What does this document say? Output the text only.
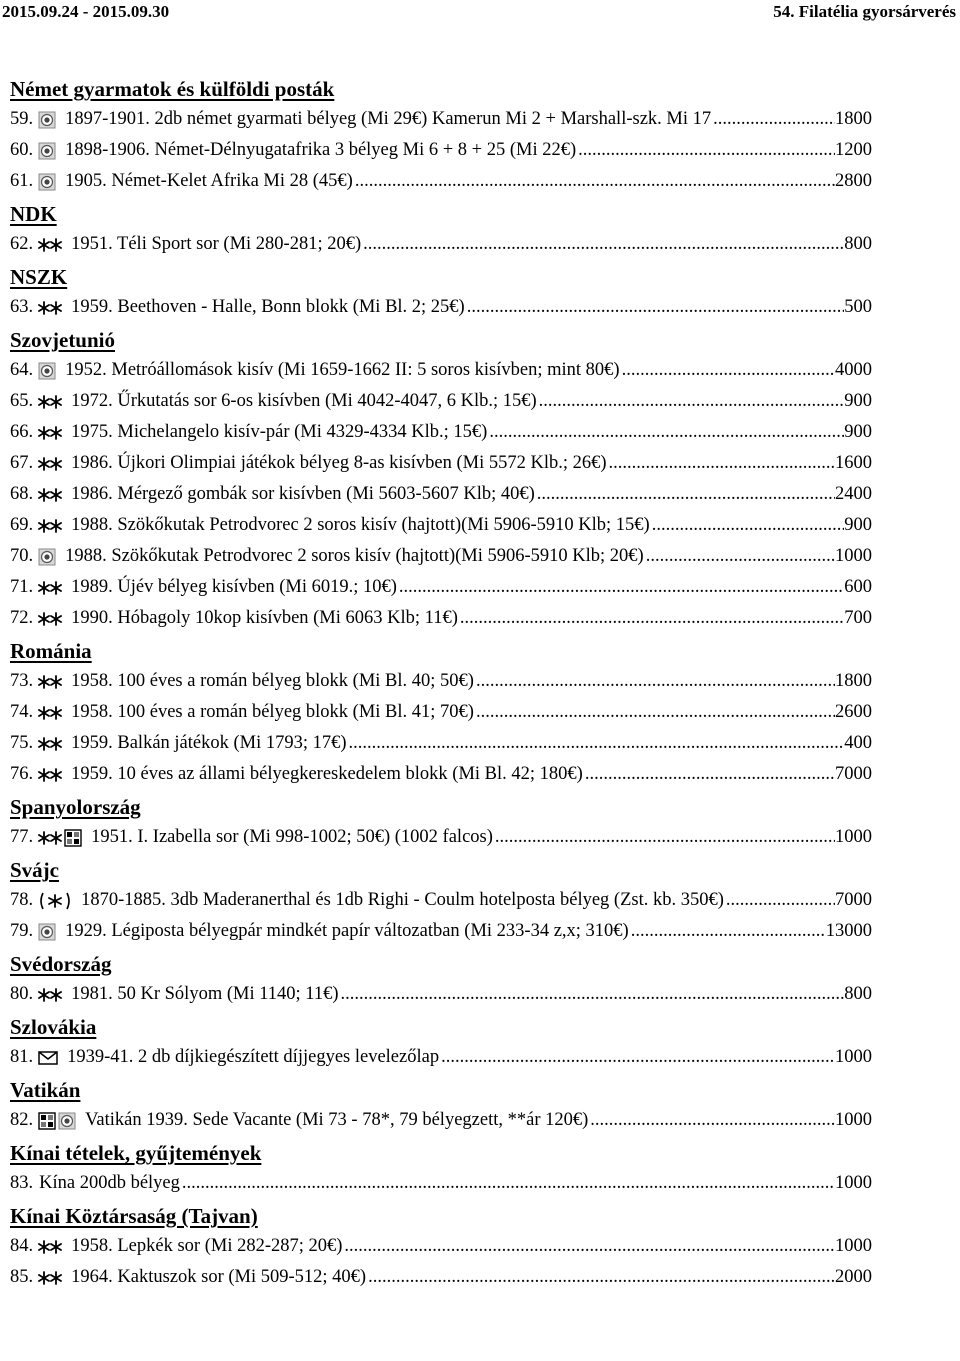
2015.09.24 - 2015.09.30	54. Filatélia gyorsárverés
Német gyarmatok és külföldi posták
59. 1897-1901. 2db német gyarmati bélyeg (Mi 29€) Kamerun Mi 2 + Marshall-szk. Mi 17 .....	1800
60. 1898-1906. Német-Délnyugatafrika 3 bélyeg Mi 6 + 8 + 25 (Mi 22€) .....	1200
61. 1905. Német-Kelet Afrika Mi 28 (45€) .....	2800
NDK
62. 1951. Téli Sport sor (Mi 280-281; 20€) .....	800
NSZK
63. 1959. Beethoven - Halle, Bonn blokk (Mi Bl. 2; 25€) .....	500
Szovjetunió
64. 1952. Metróállomások kisív (Mi 1659-1662 II: 5 soros kisívben; mint 80€) .....	4000
65. 1972. Űrkutatás sor 6-os kisívben (Mi 4042-4047, 6 Klb.; 15€) .....	900
66. 1975. Michelangelo kisív-pár (Mi 4329-4334 Klb.; 15€) .....	900
67. 1986. Újkori Olimpiai játékok bélyeg 8-as kisívben (Mi 5572 Klb.; 26€) .....	1600
68. 1986. Mérgező gombák sor kisívben (Mi 5603-5607 Klb; 40€) .....	2400
69. 1988. Szökőkutak Petrodvorec 2 soros kisív (hajtott)(Mi 5906-5910 Klb; 15€) .....	900
70. 1988. Szökőkutak Petrodvorec 2 soros kisív (hajtott)(Mi 5906-5910 Klb; 20€) .....	1000
71. 1989. Újév bélyeg kisívben (Mi 6019.; 10€) .....	600
72. 1990. Hóbagoly 10kop kisívben (Mi 6063 Klb; 11€) .....	700
Románia
73. 1958. 100 éves a román bélyeg blokk (Mi Bl. 40; 50€) .....	1800
74. 1958. 100 éves a román bélyeg blokk (Mi Bl. 41; 70€) .....	2600
75. 1959. Balkán játékok (Mi 1793; 17€) .....	400
76. 1959. 10 éves az állami bélyegkereskedelem blokk (Mi Bl. 42; 180€) .....	7000
Spanyolország
77.	1951. I. Izabella sor (Mi 998-1002; 50€) (1002 falcos) .....	1000
Svájc
78.	1870-1885. 3db Maderanerthal és 1db Righi - Coulm hotelposta bélyeg (Zst. kb. 350€) .....	7000
79. 1929. Légiposta bélyegpár mindkét papír változatban (Mi 233-34 z,x; 310€) .....	13000
Svédország
80. 1981. 50 Kr Sólyom (Mi 1140; 11€) .....	800
Szlovákia
81. 1939-41. 2 db díjkiegészített díjjegyes levelezőlap .....	1000
Vatikán
82.	Vatikán 1939. Sede Vacante (Mi 73 - 78*, 79 bélyegzett, **ár 120€) .....	1000
Kínai tételek, gyűjtemények
83. Kína 200db bélyeg .....	1000
Kínai Köztársaság (Tajvan)
84. 1958. Lepkék sor (Mi 282-287; 20€) .....	1000
85. 1964. Kaktuszok sor (Mi 509-512; 40€) .....	2000
